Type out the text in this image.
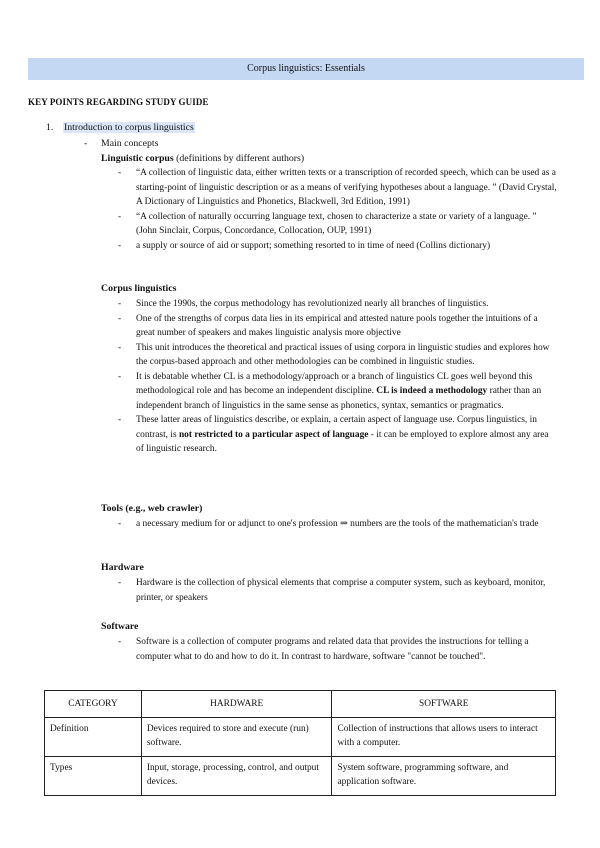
Corpus linguistics: Essentials
KEY POINTS REGARDING STUDY GUIDE
1. Introduction to corpus linguistics
- Main concepts
Linguistic corpus (definitions by different authors)
- “A collection of linguistic data, either written texts or a transcription of recorded speech, which can be used as a starting-point of linguistic description or as a means of verifying hypotheses about a language. ” (David Crystal, A Dictionary of Linguistics and Phonetics, Blackwell, 3rd Edition, 1991)
- “A collection of naturally occurring language text, chosen to characterize a state or variety of a language. ” (John Sinclair, Corpus, Concordance, Collocation, OUP, 1991)
- a supply or source of aid or support; something resorted to in time of need (Collins dictionary)
Corpus linguistics
- Since the 1990s, the corpus methodology has revolutionized nearly all branches of linguistics.
- One of the strengths of corpus data lies in its empirical and attested nature pools together the intuitions of a great number of speakers and makes linguistic analysis more objective
- This unit introduces the theoretical and practical issues of using corpora in linguistic studies and explores how the corpus-based approach and other methodologies can be combined in linguistic studies.
- It is debatable whether CL is a methodology/approach or a branch of linguistics CL goes well beyond this methodological role and has become an independent discipline. CL is indeed a methodology rather than an independent branch of linguistics in the same sense as phonetics, syntax, semantics or pragmatics.
- These latter areas of linguistics describe, or explain, a certain aspect of language use. Corpus linguistics, in contrast, is not restricted to a particular aspect of language - it can be employed to explore almost any area of linguistic research.
Tools (e.g., web crawler)
- a necessary medium for or adjunct to one's profession ⇒ numbers are the tools of the mathematician's trade
Hardware
- Hardware is the collection of physical elements that comprise a computer system, such as keyboard, monitor, printer, or speakers
Software
- Software is a collection of computer programs and related data that provides the instructions for telling a computer what to do and how to do it. In contrast to hardware, software "cannot be touched".
CATEGORY	HARDWARE	SOFTWARE
Definition	Devices required to store and execute (run) software.	Collection of instructions that allows users to interact with a computer.
Types	Input, storage, processing, control, and output devices.	System software, programming software, and application software.
